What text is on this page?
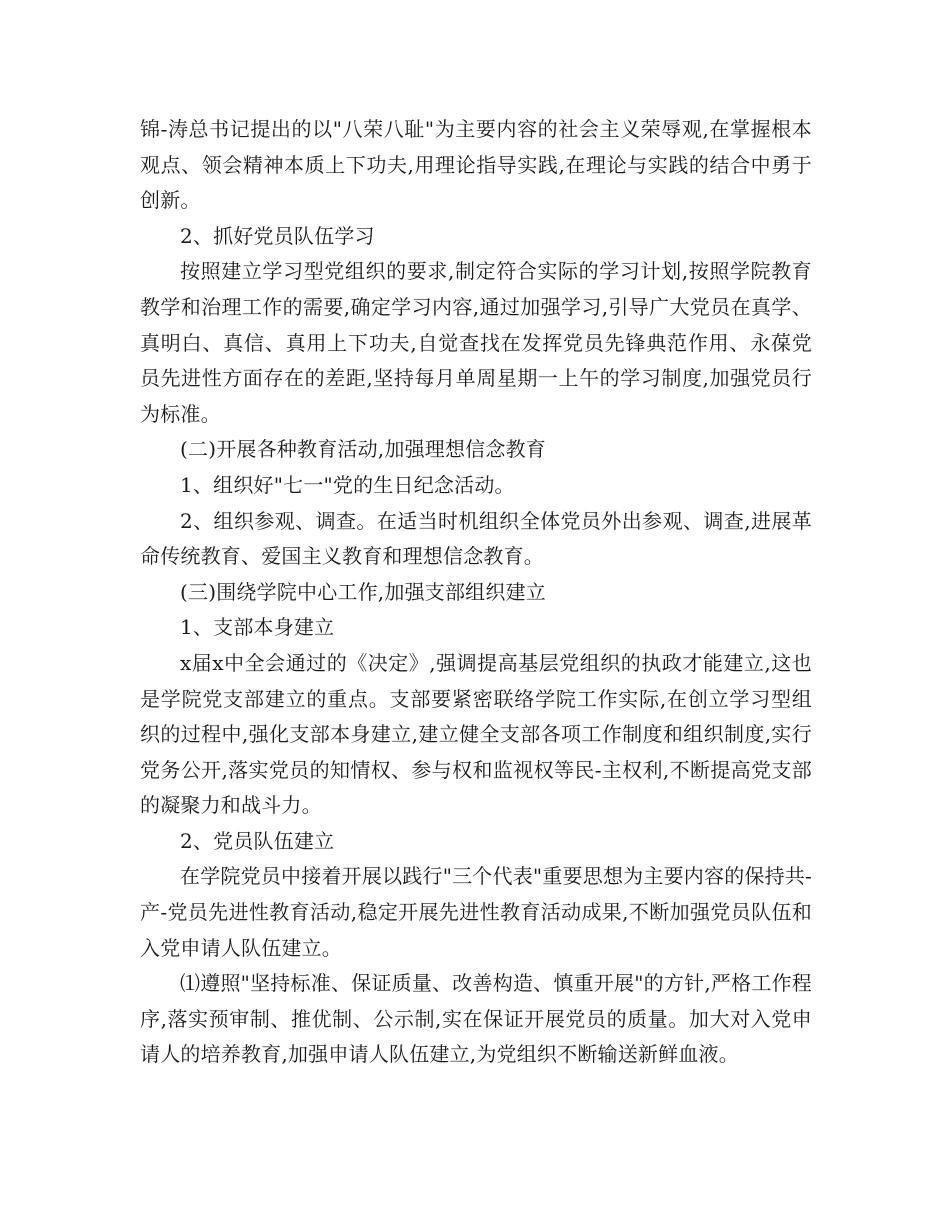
锦-涛总书记提出的以"八荣八耻"为主要内容的社会主义荣辱观,在掌握根本观点、领会精神本质上下功夫,用理论指导实践,在理论与实践的结合中勇于创新。

2、抓好党员队伍学习

按照建立学习型党组织的要求,制定符合实际的学习计划,按照学院教育教学和治理工作的需要,确定学习内容,通过加强学习,引导广大党员在真学、真明白、真信、真用上下功夫,自觉查找在发挥党员先锋典范作用、永葆党员先进性方面存在的差距,坚持每月单周星期一上午的学习制度,加强党员行为标准。

(二)开展各种教育活动,加强理想信念教育

1、组织好"七一"党的生日纪念活动。

2、组织参观、调查。在适当时机组织全体党员外出参观、调查,进展革命传统教育、爱国主义教育和理想信念教育。

(三)围绕学院中心工作,加强支部组织建立

1、支部本身建立

x届x中全会通过的《决定》,强调提高基层党组织的执政才能建立,这也是学院党支部建立的重点。支部要紧密联络学院工作实际,在创立学习型组织的过程中,强化支部本身建立,建立健全支部各项工作制度和组织制度,实行党务公开,落实党员的知情权、参与权和监视权等民-主权利,不断提高党支部的凝聚力和战斗力。

2、党员队伍建立

在学院党员中接着开展以践行"三个代表"重要思想为主要内容的保持共-产-党员先进性教育活动,稳定开展先进性教育活动成果,不断加强党员队伍和入党申请人队伍建立。

⑴遵照"坚持标准、保证质量、改善构造、慎重开展"的方针,严格工作程序,落实预审制、推优制、公示制,实在保证开展党员的质量。加大对入党申请人的培养教育,加强申请人队伍建立,为党组织不断输送新鲜血液。
